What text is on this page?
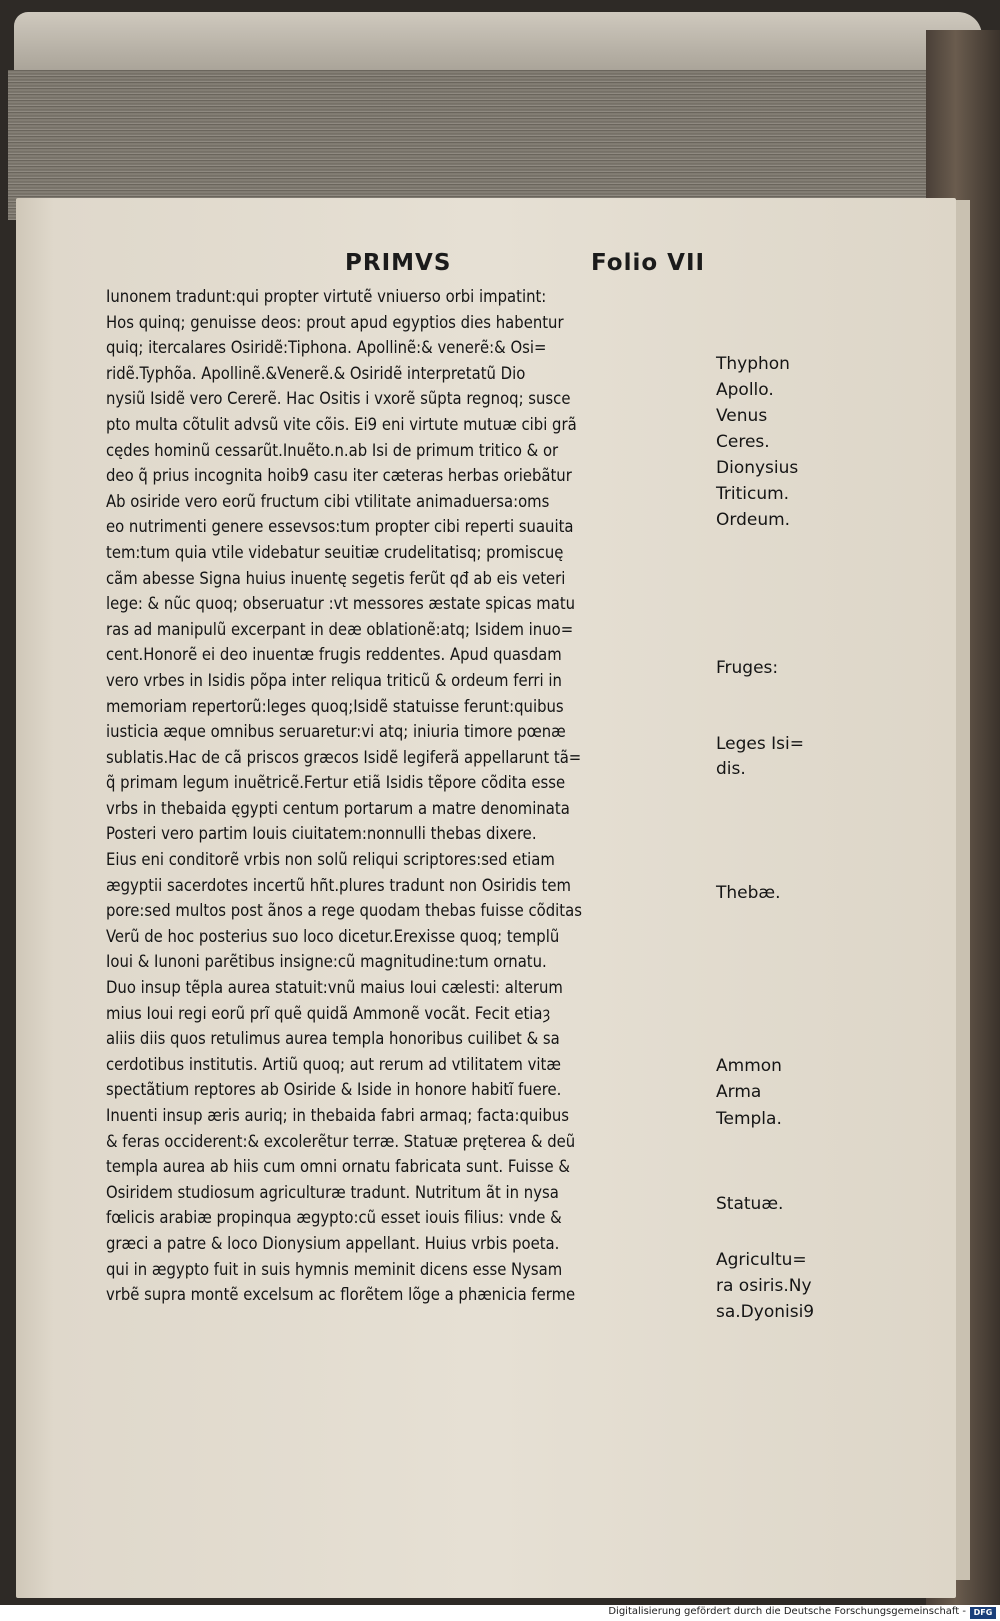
PRIMVS	Folio VII
Iunonem tradunt:qui propter virtutẽ vniuerso orbi impatint:
Hos quinq; genuisse deos: prout apud egyptios dies habentur
quiq; itercalares Osiridẽ:Tiphona. Apollinẽ:& venerẽ:& Osi=
ridẽ.Typhõa. Apollinẽ.&Venerẽ.& Osiridẽ interpretatũ Dio
nysiũ Isidẽ vero Cererẽ. Hac Ositis i vxorẽ sũpta regnoq; susce
pto multa cõtulit advsũ vite cõis. Ei9 eni virtute mutuæ cibi grã
cędes hominũ cessarũt.Inuẽto.n.ab Isi de primum tritico & or
deo q̃ prius incognita hoib9 casu iter cæteras herbas oriebãtur
Ab osiride vero eorũ fructum cibi vtilitate animaduersa:oms
eo nutrimenti genere essevsos:tum propter cibi reperti suauita
tem:tum quia vtile videbatur seuitiæ crudelitatisq; promiscuę
cãm abesse Signa huius inuentę segetis ferũt qđ ab eis veteri
lege: & nũc quoq; obseruatur :vt messores æstate spicas matu
ras ad manipulũ excerpant in deæ oblationẽ:atq; Isidem inuo=
cent.Honorẽ ei deo inuentæ frugis reddentes. Apud quasdam
vero vrbes in Isidis põpa inter reliqua triticũ & ordeum ferri in
memoriam repertorũ:leges quoq;Isidẽ statuisse ferunt:quibus
iusticia æque omnibus seruaretur:vi atq; iniuria timore pœnæ
sublatis.Hac de cã priscos græcos Isidẽ legiferã appellarunt tã=
q̃ primam legum inuẽtricẽ.Fertur etiã Isidis tẽpore cõdita esse
vrbs in thebaida ęgypti centum portarum a matre denominata
Posteri vero partim Iouis ciuitatem:nonnulli thebas dixere.
Eius eni conditorẽ vrbis non solũ reliqui scriptores:sed etiam
ægyptii sacerdotes incertũ hñt.plures tradunt non Osiridis tem
pore:sed multos post ãnos a rege quodam thebas fuisse cõditas
Verũ de hoc posterius suo loco dicetur.Erexisse quoq; templũ
Ioui & Iunoni parẽtibus insigne:cũ magnitudine:tum ornatu.
Duo insup tẽpla aurea statuit:vnũ maius Ioui cælesti: alterum
mius Ioui regi eorũ prĩ quẽ quidã Ammonẽ vocãt. Fecit etiaȝ
aliis diis quos retulimus aurea templa honoribus cuilibet & sa
cerdotibus institutis. Artiũ quoq; aut rerum ad vtilitatem vitæ
spectãtium reptores ab Osiride & Iside in honore habitĩ fuere.
Inuenti insup æris auriq; in thebaida fabri armaq; facta:quibus
& feras occiderent:& excolerẽtur terræ. Statuæ pręterea & deũ
templa aurea ab hiis cum omni ornatu fabricata sunt. Fuisse &
Osiridem studiosum agriculturæ tradunt. Nutritum ãt in nysa
fœlicis arabiæ propinqua ægypto:cũ esset iouis filius: vnde &
græci a patre & loco Dionysium appellant. Huius vrbis poeta.
qui in ægypto fuit in suis hymnis meminit dicens esse Nysam
vrbẽ supra montẽ excelsum ac florẽtem lõge a phænicia ferme

Thyphon

Apollo.

Venus

Ceres.

Dionysius

Triticum.

Ordeum.

Fruges:

Leges Isi=

dis.

Thebæ.

Ammon

Arma

Templa.

Statuæ.

Agricultu=

ra osiris.Ny

sa.Dyonisi9

Digitalisierung gefördert durch die Deutsche Forschungsgemeinschaft - DFG
